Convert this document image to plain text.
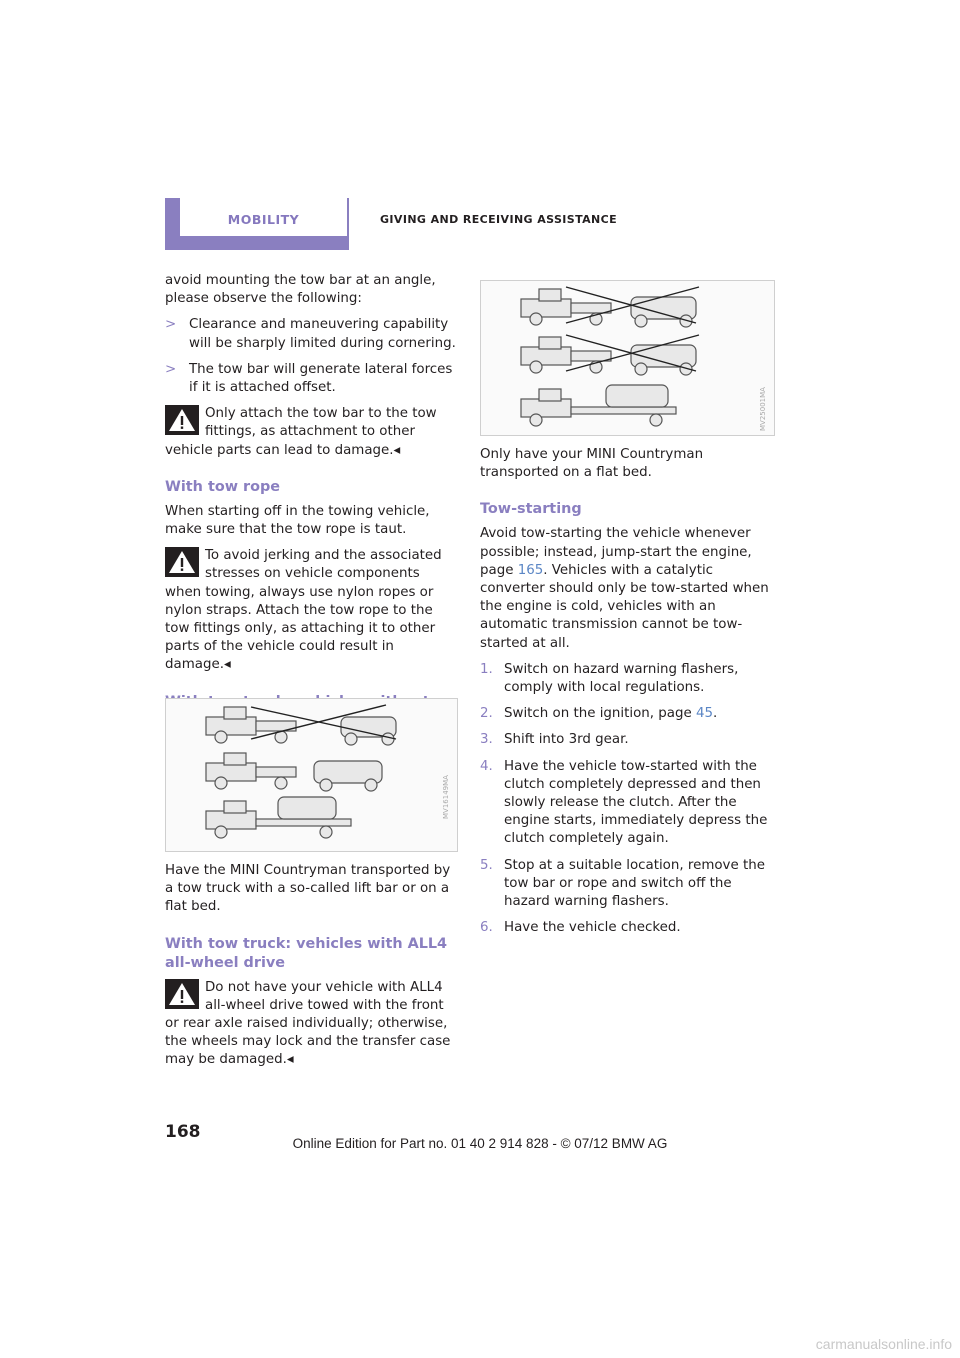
MOBILITY	GIVING AND RECEIVING ASSISTANCE

avoid mounting the tow bar at an angle, please observe the following:

> Clearance and maneuvering capability will be sharply limited during cornering.
> The tow bar will generate lateral forces if it is attached offset.

Only attach the tow bar to the tow fittings, as attachment to other vehicle parts can lead to damage.◂

With tow rope

When starting off in the towing vehicle, make sure that the tow rope is taut.

To avoid jerking and the associated stresses on vehicle components when towing, always use nylon ropes or nylon straps. Attach the tow rope to the tow fittings only, as attaching it to other parts of the vehicle could result in damage.◂

MV16149MA

Have the MINI Countryman transported by a tow truck with a so-called lift bar or on a flat bed.

With tow truck: vehicles with ALL4 all-wheel drive

Do not have your vehicle with ALL4 all-wheel drive towed with the front or rear axle raised individually; otherwise, the wheels may lock and the transfer case may be damaged.◂

MV25001MA

Only have your MINI Countryman transported on a flat bed.

Tow-starting

Avoid tow-starting the vehicle whenever possible; instead, jump-start the engine, page 165. Vehicles with a catalytic converter should only be tow-started when the engine is cold, vehicles with an automatic transmission cannot be tow-started at all.

1. Switch on hazard warning flashers, comply with local regulations.
2. Switch on the ignition, page 45.
3. Shift into 3rd gear.
4. Have the vehicle tow-started with the clutch completely depressed and then slowly release the clutch. After the engine starts, immediately depress the clutch completely again.
5. Stop at a suitable location, remove the tow bar or rope and switch off the hazard warning flashers.
6. Have the vehicle checked.
168
Online Edition for Part no. 01 40 2 914 828 - © 07/12 BMW AG
carmanualsonline.info
